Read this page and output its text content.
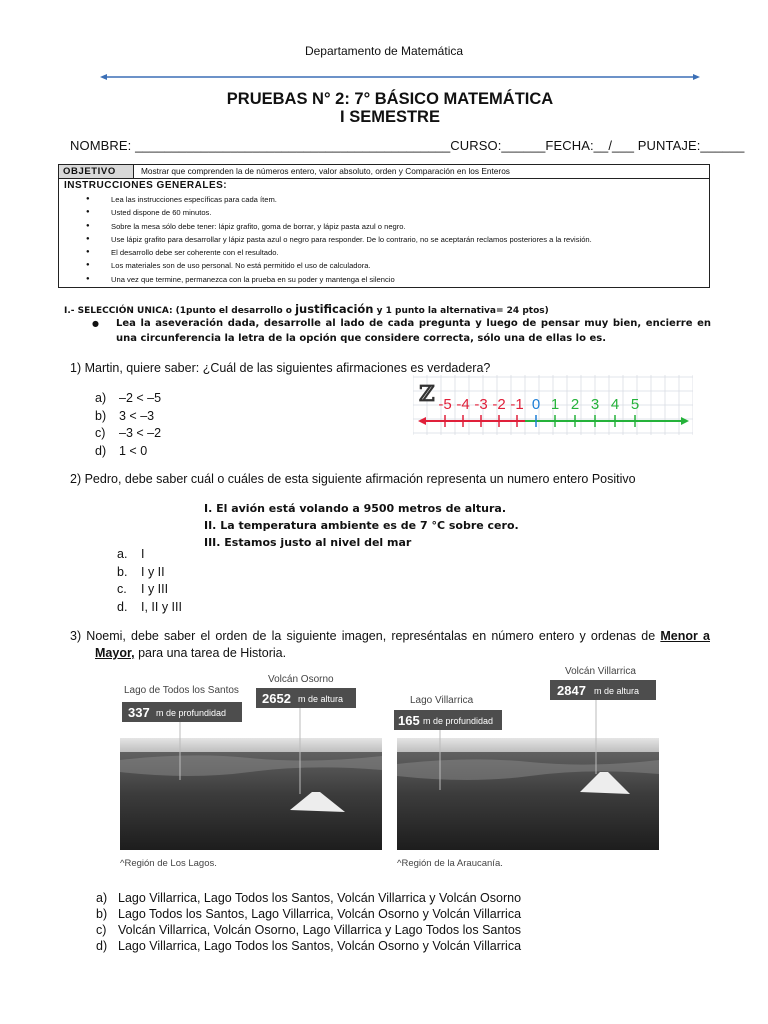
Departamento de Matemática
PRUEBAS N° 2: 7° BÁSICO MATEMÁTICA
I SEMESTRE
NOMBRE: ___________________________________________CURSO:______FECHA:__/___ PUNTAJE:______
OBJETIVO	Mostrar que comprenden la de números entero, valor absoluto, orden y Comparación en los Enteros
INSTRUCCIONES GENERALES:
● Lea las instrucciones específicas para cada ítem.
● Usted dispone de 60 minutos.
● Sobre la mesa sólo debe tener: lápiz grafito, goma de borrar, y lápiz pasta azul o negro.
● Use lápiz grafito para desarrollar y lápiz pasta azul o negro para responder. De lo contrario, no se aceptarán reclamos posteriores a la revisión.
● El desarrollo debe ser coherente con el resultado.
● Los materiales son de uso personal. No está permitido el uso de calculadora.
● Una vez que termine, permanezca con la prueba en su poder y mantenga el silencio
I.- SELECCIÓN UNICA: (1punto el desarrollo o justificación y 1 punto la alternativa= 24 ptos)
●	Lea la aseveración dada, desarrolle al lado de cada pregunta y luego de pensar muy bien, encierre en una circunferencia la letra de la opción que considere correcta, sólo una de ellas lo es.
1) Martin, quiere saber: ¿Cuál de las siguientes afirmaciones es verdadera?
a) –2 < –5
b) 3 < –3
c) –3 < –2
d) 1 < 0
ℤ -5 -4 -3 -2 -1 0 1 2 3 4 5
2) Pedro, debe saber cuál o cuáles de esta siguiente afirmación representa un numero entero Positivo
I. El avión está volando a 9500 metros de altura.
II. La temperatura ambiente es de 7 °C sobre cero.
III. Estamos justo al nivel del mar
a. I
b. I y II
c. I y III
d. I, II y III
3) Noemi, debe saber el orden de la siguiente imagen, represéntalas en número entero y ordenas de Menor a Mayor, para una tarea de Historia.
Lago de Todos los Santos
337 m de profundidad
Volcán Osorno
2652 m de altura
^Región de Los Lagos.
Lago Villarrica
165 m de profundidad
Volcán Villarrica
2847 m de altura
^Región de la Araucanía.
a) Lago Villarrica, Lago Todos los Santos, Volcán Villarrica y Volcán Osorno
b) Lago Todos los Santos, Lago Villarrica, Volcán Osorno y Volcán Villarrica
c) Volcán Villarrica, Volcán Osorno, Lago Villarrica y Lago Todos los Santos
d) Lago Villarrica, Lago Todos los Santos, Volcán Osorno y Volcán Villarrica
